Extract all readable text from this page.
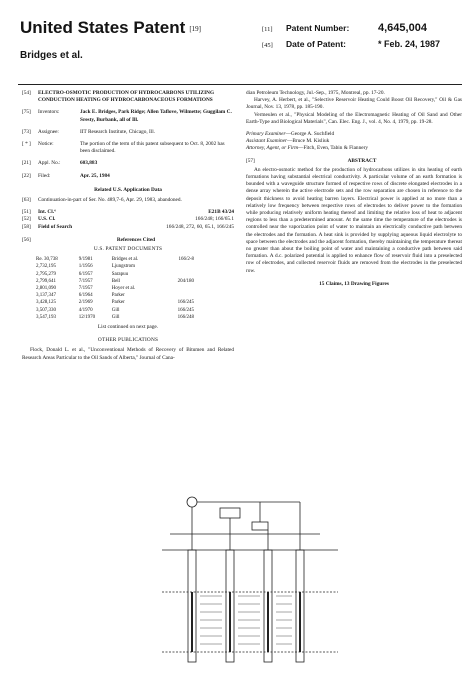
United States Patent [19]
Bridges et al.
[11]	Patent Number:	4,645,004
[45]	Date of Patent:	* Feb. 24, 1987
[54]	ELECTRO-OSMOTIC PRODUCTION OF HYDROCARBONS UTILIZING CONDUCTION HEATING OF HYDROCARBONACEOUS FORMATIONS
[75]	Inventors:	Jack E. Bridges, Park Ridge; Allen Taflove, Wilmette; Guggilam C. Sresty, Burbank, all of Ill.
[73]	Assignee:	IIT Research Institute, Chicago, Ill.
[ * ]	Notice:	The portion of the term of this patent subsequent to Oct. 8, 2002 has been disclaimed.
[21]	Appl. No.:	603,883
[22]	Filed:	Apr. 25, 1984
Related U.S. Application Data
[63]	Continuation-in-part of Ser. No. 489,7-6, Apr. 29, 1983, abandoned.
[51]	Int. Cl.⁴	E21B 43/24
[52]	U.S. Cl.	166/248; 166/65.1
[58]	Field of Search	166/248, 272, 60, 65.1, 166/245
[56]	References Cited
U.S. PATENT DOCUMENTS
Re. 30,738	9/1981	Bridges et al.	166/2-8
2,732,195	1/1956	Ljungstrom	
2,795,279	6/1957	Sarapuu	
2,799,641	7/1957	Bell	204/180
2,801,090	7/1957	Hoyer et al.	
3,137,347	6/1964	Parker	
3,428,125	2/1969	Parker	166/245
3,507,330	4/1970	Gill	166/245
3,547,193	12/1970	Gill	166/248
List continued on next page.
OTHER PUBLICATIONS
Flock, Donald L. et al., "Unconventional Methods of Recovery of Bitumen and Related Research Areas Particular to the Oil Sands of Alberta," Journal of Cana-
dian Petroleum Technology, Jul.-Sep., 1975, Montreal, pp. 17-20.
Harvey, A. Herbert, et al., "Selective Reservoir Heating Could Boost Oil Recovery," Oil & Gas Journal, Nov. 13, 1978, pp. 185-190.
Vermeulen et al., "Physical Modeling of the Electromagnetic Heating of Oil Sand and Other Earth-Type and Biological Materials", Can. Elec. Eng. J., vol. 4, No. 4, 1979, pp. 19-28.
Primary Examiner—George A. Suchfield
Assistant Examiner—Bruce M. Kisliuk
Attorney, Agent, or Firm—Fitch, Even, Tabin & Flannery
[57]	ABSTRACT
An electro-osmotic method for the production of hydrocarbons utilizes in situ heating of earth formations having substantial electrical conductivity. A particular volume of an earth formation is bounded with a waveguide structure formed of respective rows of discrete elongated electrodes in a dense array wherein the active electrode sets and the row separation are chosen in reference to the deposit thickness to avoid heating barren layers. Electrical power is applied at no more than a relatively low frequency between respective rows of electrodes to deliver power to the formation while producing relatively uniform heating thereof and limiting the relative loss of heat to adjacent regions to less than a predetermined amount. At the same time the temperature of the electrodes is controlled near the vaporization point of water to maintain an electrically conductive path between the electrodes and the formation. A heat sink is provided by supplying aqueous liquid electrolyte to space between the electrodes and the adjacent formation, thereby maintaining the temperature thereat no greater than about the boiling point of water and maintaining a conductive path between said formation. A d.c. polarized potential is applied to enhance flow of reservoir fluid into a preselected row of electrodes, and collected reservoir fluids are removed from the electrodes in the preselected row.
15 Claims, 13 Drawing Figures
